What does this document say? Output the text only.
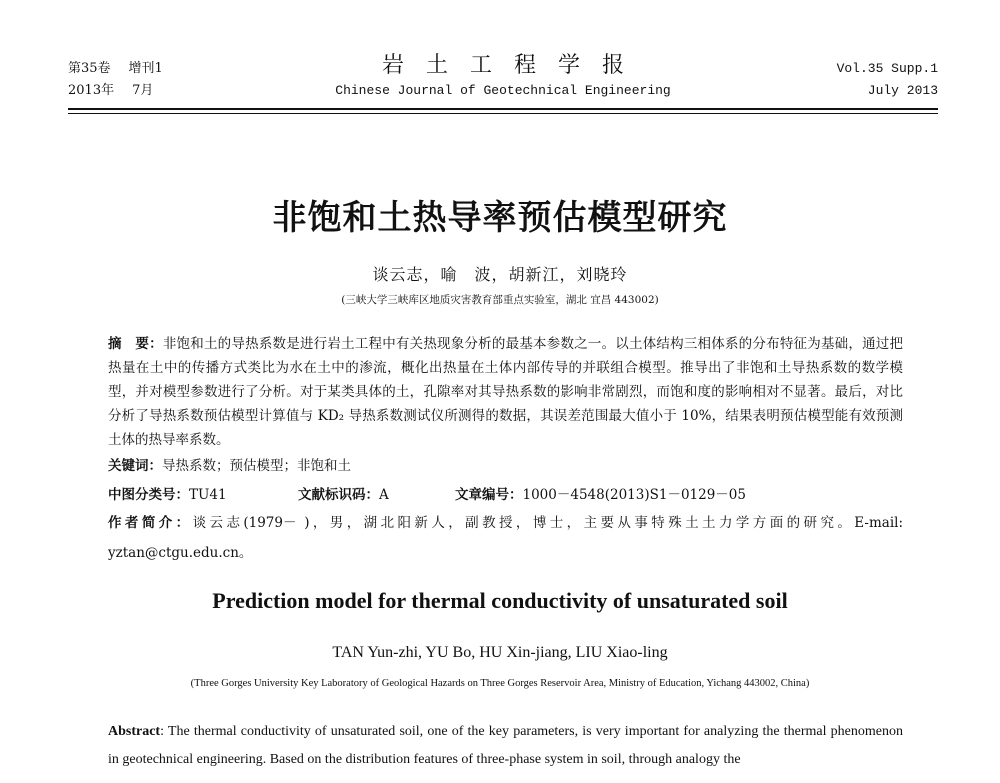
第35卷 增刊1
2013年 7月
岩土工程学报
Chinese Journal of Geotechnical Engineering
Vol.35 Supp.1
July 2013
非饱和土热导率预估模型研究
谈云志，喻　波，胡新江，刘晓玲
(三峡大学三峡库区地质灾害教育部重点实验室，湖北 宜昌 443002)
摘　要：非饱和土的导热系数是进行岩土工程中有关热现象分析的最基本参数之一。以土体结构三相体系的分布特征为基础，通过把热量在土中的传播方式类比为水在土中的渗流，概化出热量在土体内部传导的并联组合模型。推导出了非饱和土导热系数的数学模型，并对模型参数进行了分析。对于某类具体的土，孔隙率对其导热系数的影响非常剧烈，而饱和度的影响相对不显著。最后，对比分析了导热系数预估模型计算值与 KD₂ 导热系数测试仪所测得的数据，其误差范围最大值小于 10%，结果表明预估模型能有效预测土体的热导率系数。
关键词：导热系数；预估模型；非饱和土
中图分类号：TU41	文献标识码：A	文章编号：1000－4548(2013)S1－0129－05
作者简介：谈云志(1979－ )，男，湖北阳新人，副教授，博士，主要从事特殊土土力学方面的研究。E-mail: yztan@ctgu.edu.cn。
Prediction model for thermal conductivity of unsaturated soil
TAN Yun-zhi, YU Bo, HU Xin-jiang, LIU Xiao-ling
(Three Gorges University Key Laboratory of Geological Hazards on Three Gorges Reservoir Area, Ministry of Education, Yichang 443002, China)
Abstract: The thermal conductivity of unsaturated soil, one of the key parameters, is very important for analyzing the thermal phenomenon in geotechnical engineering. Based on the distribution features of three-phase system in soil, through analogy the
